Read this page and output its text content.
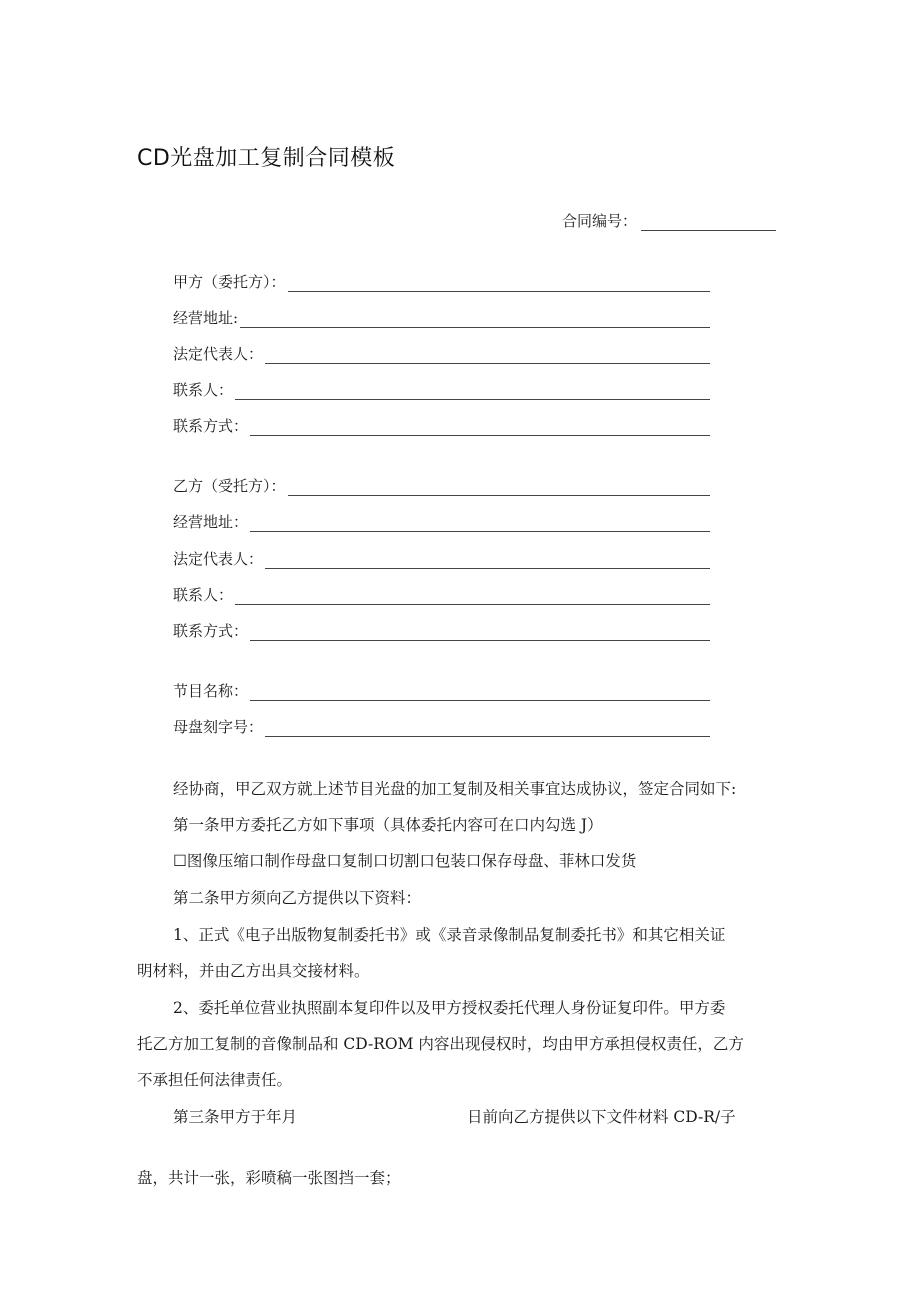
CD光盘加工复制合同模板
合同编号：
甲方（委托方）：
经营地址:
法定代表人：
联系人：
联系方式：
乙方（受托方）：
经营地址：
法定代表人：
联系人：
联系方式：
节目名称：
母盘刻字号：

经协商，甲乙双方就上述节目光盘的加工复制及相关事宜达成协议，签定合同如下:

第一条甲方委托乙方如下事项（具体委托内容可在口内勾选 J）

☐图像压缩口制作母盘口复制口切割口包装口保存母盘、菲林口发货

第二条甲方须向乙方提供以下资料：

1、正式《电子出版物复制委托书》或《录音录像制品复制委托书》和其它相关证

明材料，并由乙方出具交接材料。

2、委托单位营业执照副本复印件以及甲方授权委托代理人身份证复印件。甲方委

托乙方加工复制的音像制品和 CD-ROM 内容出现侵权时，均由甲方承担侵权责任，乙方

不承担任何法律责任。

第三条甲方于年月	日前向乙方提供以下文件材料 CD-R/子

盘，共计一张，彩喷稿一张图挡一套；
